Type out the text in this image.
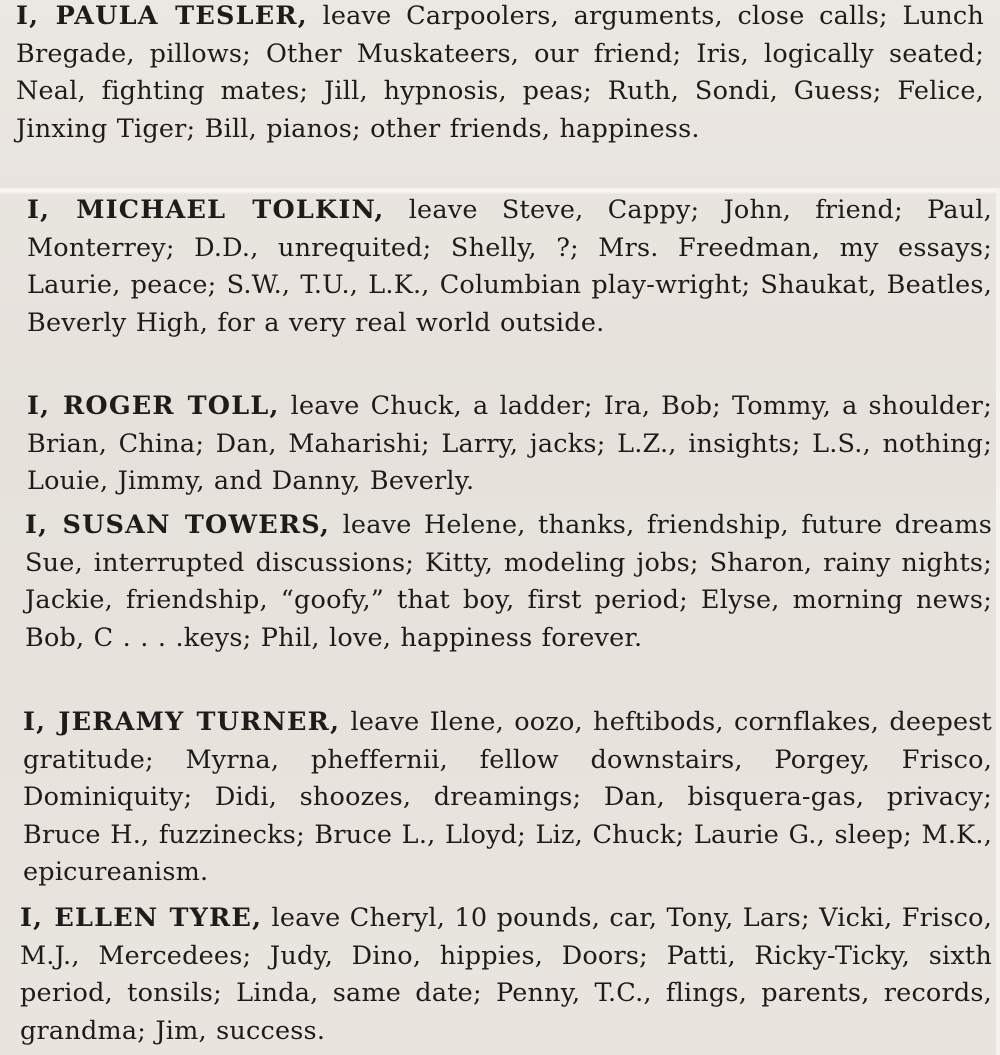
I, PAULA TESLER, leave Carpoolers, arguments, close calls; Lunch Bregade, pillows; Other Muskateers, our friend; Iris, logically seated; Neal, fighting mates; Jill, hypnosis, peas; Ruth, Sondi, Guess; Felice, Jinxing Tiger; Bill, pianos; other friends, happiness.

I, MICHAEL TOLKIN, leave Steve, Cappy; John, friend; Paul, Monterrey; D.D., unrequited; Shelly, ?; Mrs. Freedman, my essays; Laurie, peace; S.W., T.U., L.K., Columbian play-wright; Shaukat, Beatles, Beverly High, for a very real world outside.

I, ROGER TOLL, leave Chuck, a ladder; Ira, Bob; Tommy, a shoulder; Brian, China; Dan, Maharishi; Larry, jacks; L.Z., insights; L.S., nothing; Louie, Jimmy, and Danny, Beverly.

I, SUSAN TOWERS, leave Helene, thanks, friendship, future dreams Sue, interrupted discussions; Kitty, modeling jobs; Sharon, rainy nights; Jackie, friendship, “goofy,” that boy, first period; Elyse, morning news; Bob, C . . . .keys; Phil, love, happiness forever.

I, JERAMY TURNER, leave Ilene, oozo, heftibods, cornflakes, deepest gratitude; Myrna, pheffernii, fellow downstairs, Porgey, Frisco, Dominiquity; Didi, shoozes, dreamings; Dan, bisquera-gas, privacy; Bruce H., fuzzinecks; Bruce L., Lloyd; Liz, Chuck; Laurie G., sleep; M.K., epicureanism.

I, ELLEN TYRE, leave Cheryl, 10 pounds, car, Tony, Lars; Vicki, Frisco, M.J., Mercedees; Judy, Dino, hippies, Doors; Patti, Ricky-Ticky, sixth period, tonsils; Linda, same date; Penny, T.C., flings, parents, records, grandma; Jim, success.
